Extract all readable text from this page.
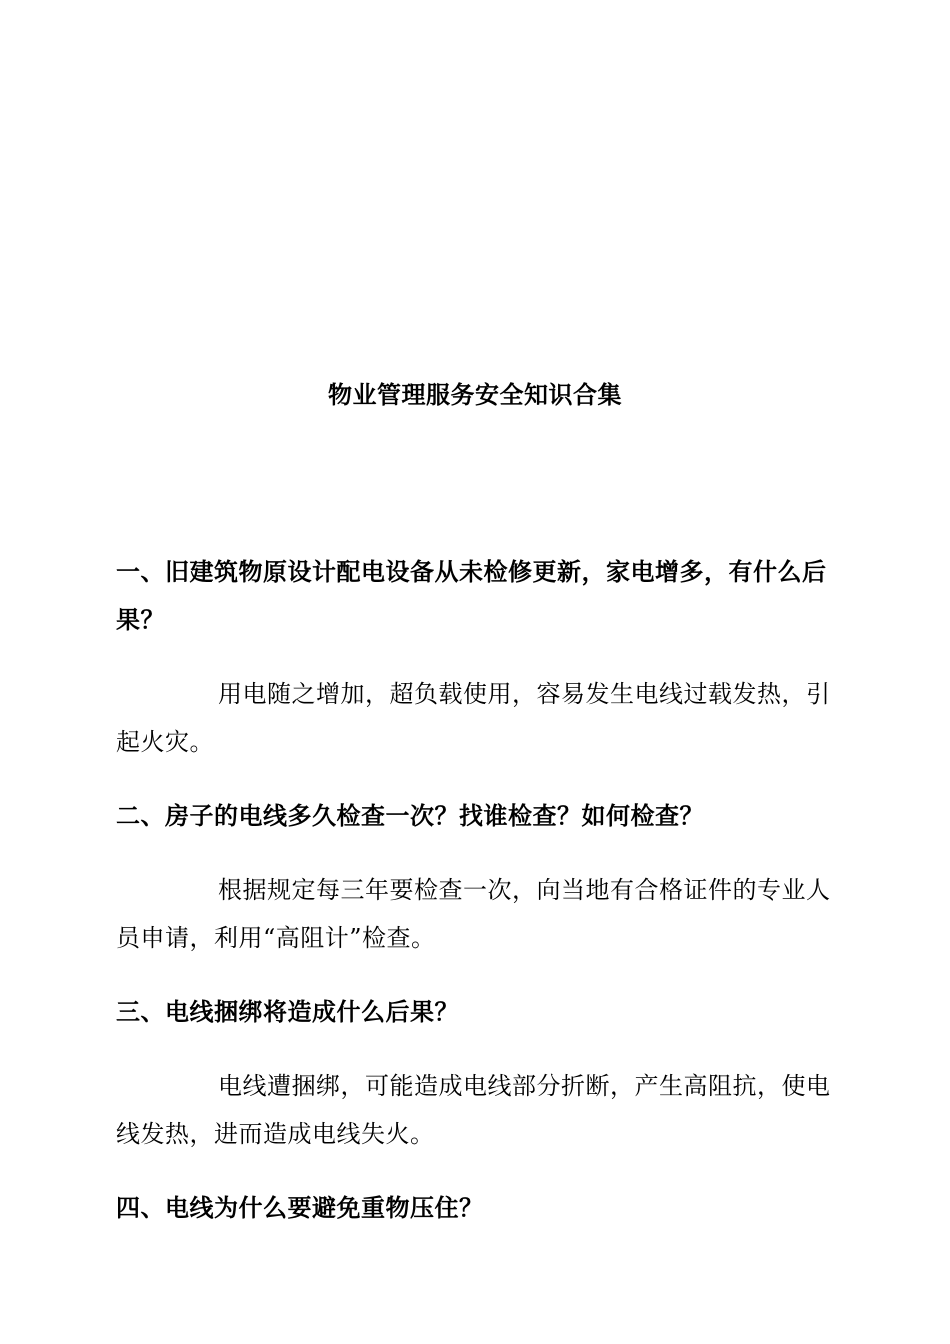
物业管理服务安全知识合集

一、旧建筑物原设计配电设备从未检修更新，家电增多，有什么后果？

用电随之增加，超负载使用，容易发生电线过载发热，引起火灾。

二、房子的电线多久检查一次？找谁检查？如何检查？

根据规定每三年要检查一次，向当地有合格证件的专业人员申请，利用“高阻计”检查。

三、电线捆绑将造成什么后果？

电线遭捆绑，可能造成电线部分折断，产生高阻抗，使电线发热，进而造成电线失火。

四、电线为什么要避免重物压住？
